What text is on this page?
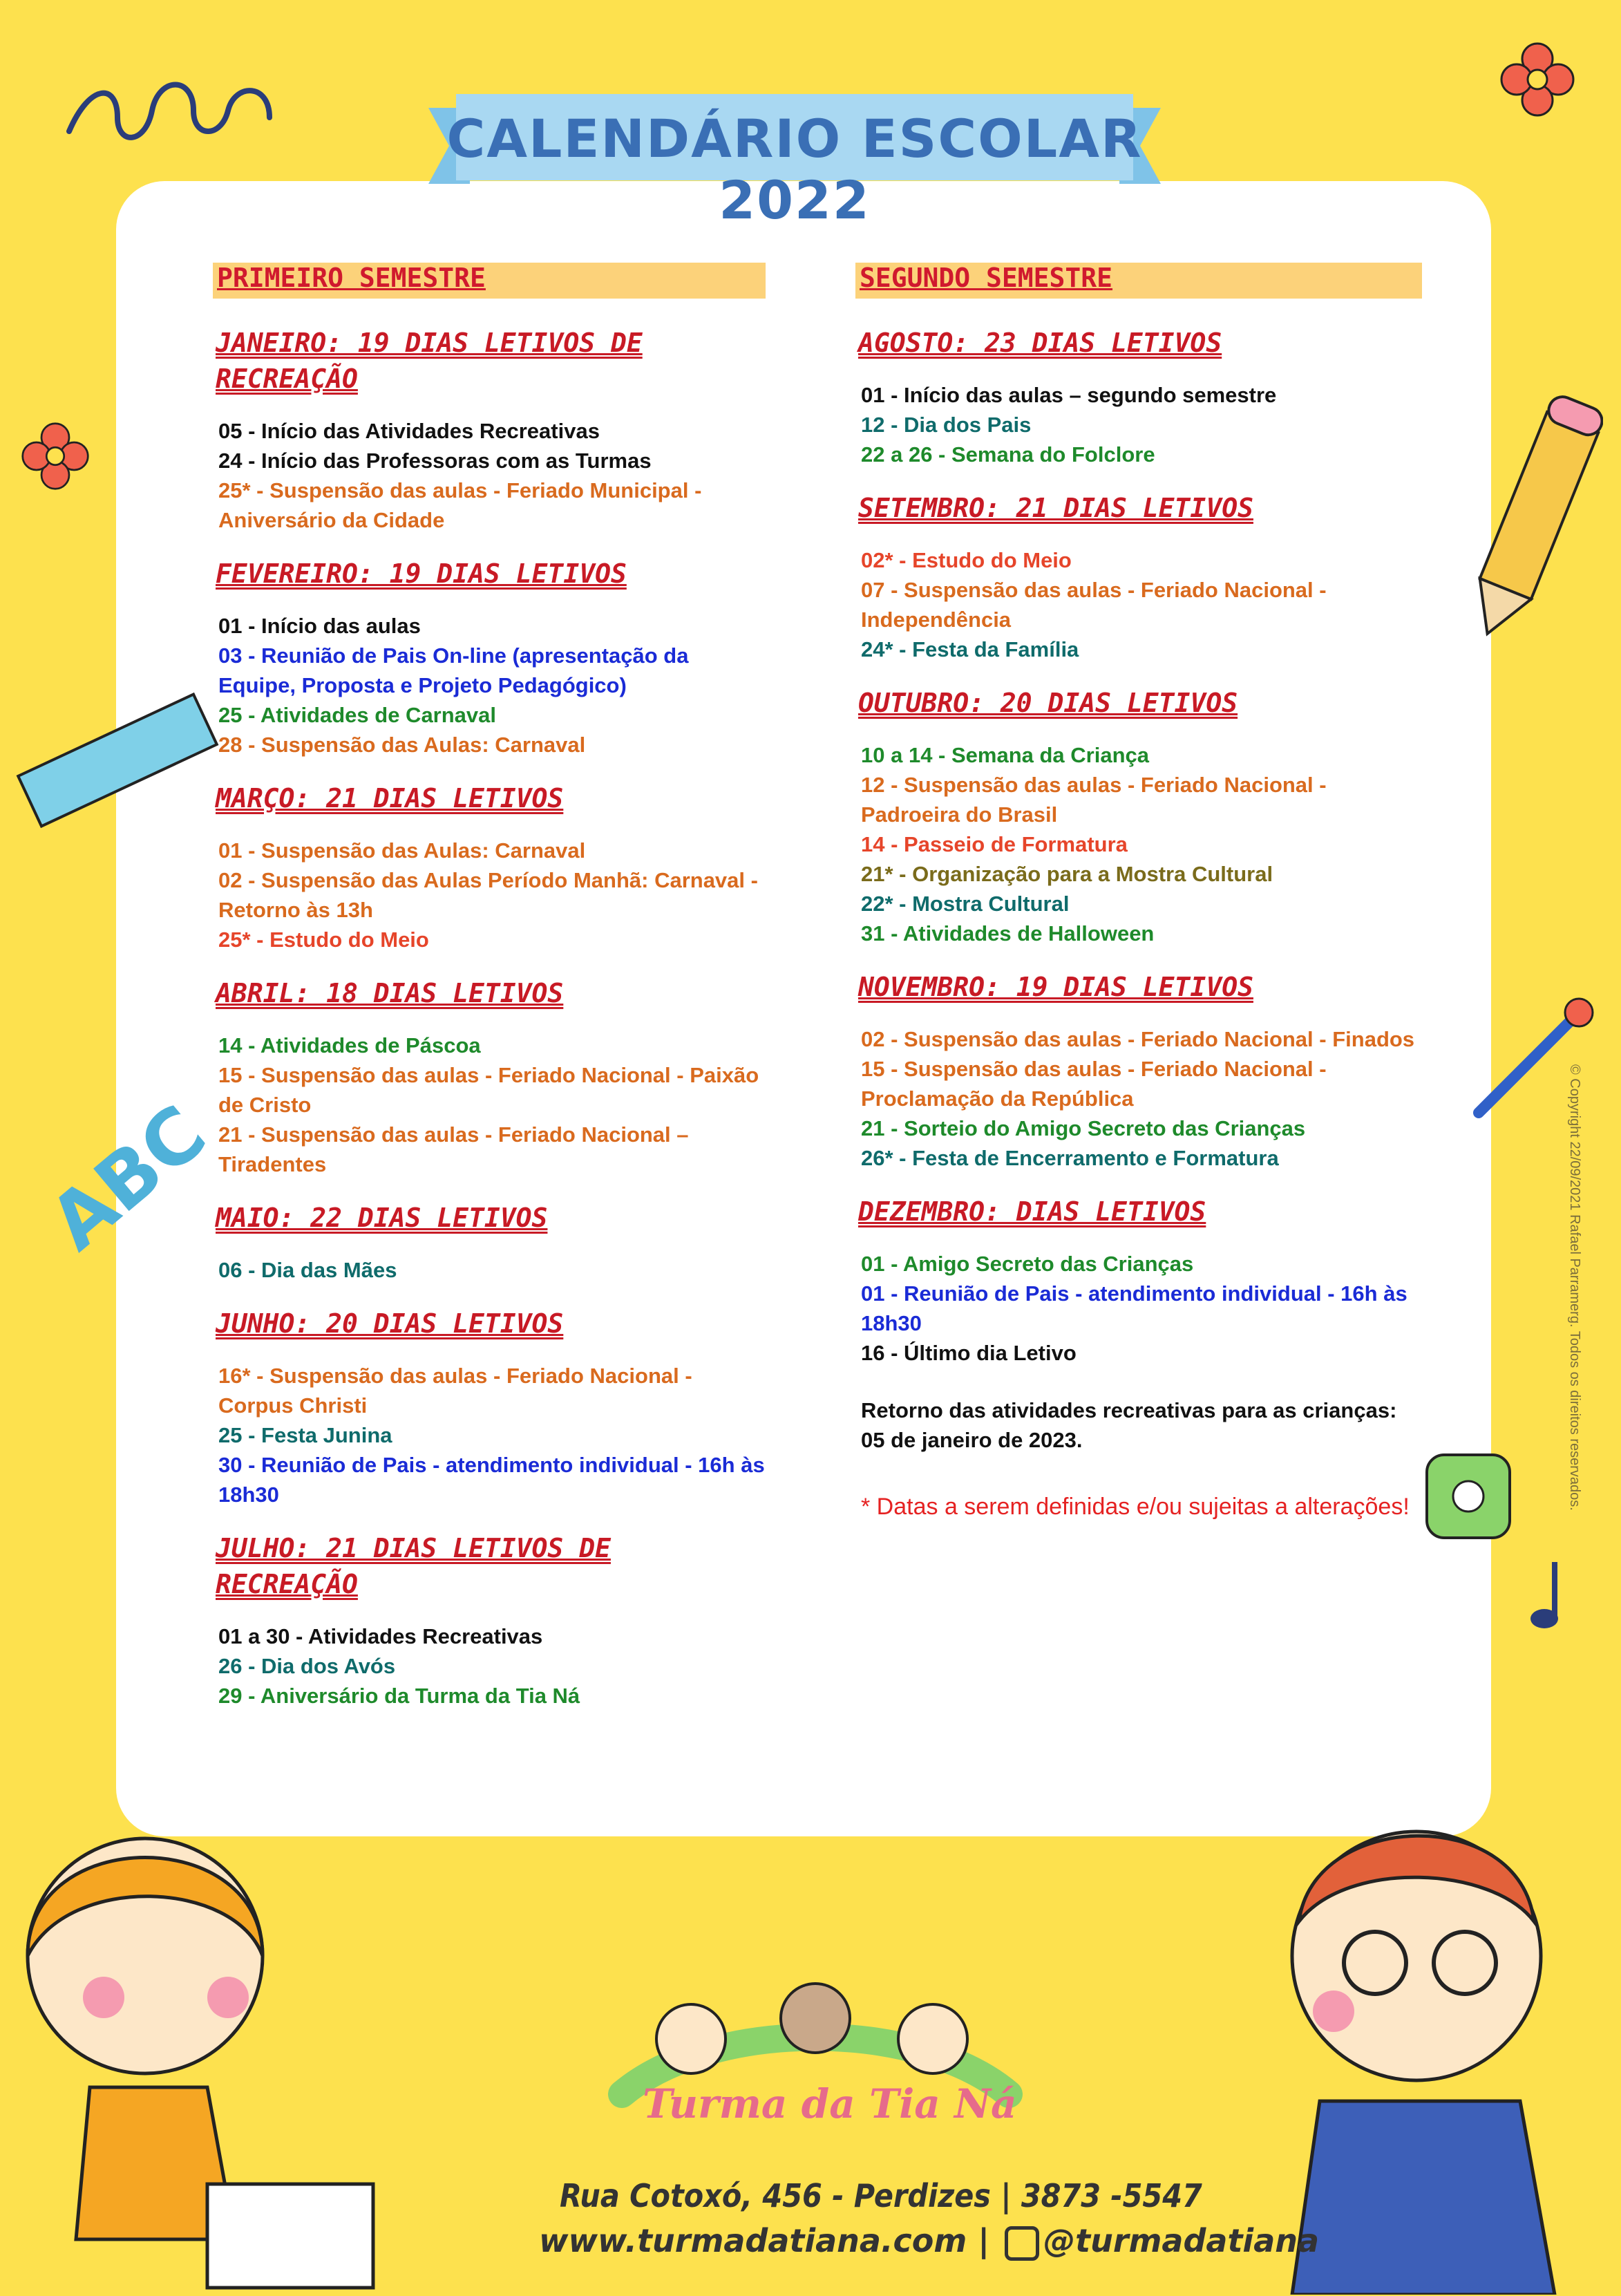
CALENDÁRIO ESCOLAR 2022
ABC
Turma da Tia Ná
PRIMEIRO SEMESTRE
JANEIRO: 19 DIAS LETIVOS DE RECREAÇÃO
05 - Início das Atividades Recreativas
24 - Início das Professoras com as Turmas
25* - Suspensão das aulas - Feriado Municipal - Aniversário da Cidade
FEVEREIRO: 19 DIAS LETIVOS
01 - Início das aulas
03 - Reunião de Pais On-line (apresentação da Equipe, Proposta e Projeto Pedagógico)
25 - Atividades de Carnaval
28 - Suspensão das Aulas: Carnaval
MARÇO: 21 DIAS LETIVOS
01 - Suspensão das Aulas: Carnaval
02 - Suspensão das Aulas Período Manhã: Carnaval - Retorno às 13h
25* - Estudo do Meio
ABRIL: 18 DIAS LETIVOS
14 - Atividades de Páscoa
15 - Suspensão das aulas - Feriado Nacional - Paixão de Cristo
21 - Suspensão das aulas - Feriado Nacional – Tiradentes
MAIO: 22 DIAS LETIVOS
06 - Dia das Mães
JUNHO: 20 DIAS LETIVOS
16* - Suspensão das aulas - Feriado Nacional - Corpus Christi
25 - Festa Junina
30 - Reunião de Pais - atendimento individual - 16h às 18h30
JULHO: 21 DIAS LETIVOS DE RECREAÇÃO
01 a 30 - Atividades Recreativas
26 - Dia dos Avós
29 - Aniversário da Turma da Tia Ná
SEGUNDO SEMESTRE
AGOSTO: 23 DIAS LETIVOS
01 - Início das aulas – segundo semestre
12 - Dia dos Pais
22 a 26 - Semana do Folclore
SETEMBRO: 21 DIAS LETIVOS
02* - Estudo do Meio
07 - Suspensão das aulas - Feriado Nacional - Independência
24* - Festa da Família
OUTUBRO: 20 DIAS LETIVOS
10 a 14 - Semana da Criança
12 - Suspensão das aulas - Feriado Nacional - Padroeira do Brasil
14 - Passeio de Formatura
21* - Organização para a Mostra Cultural
22* - Mostra Cultural
31 - Atividades de Halloween
NOVEMBRO: 19 DIAS LETIVOS
02 - Suspensão das aulas - Feriado Nacional - Finados
15 - Suspensão das aulas - Feriado Nacional - Proclamação da República
21 - Sorteio do Amigo Secreto das Crianças
26* - Festa de Encerramento e Formatura
DEZEMBRO: DIAS LETIVOS
01 - Amigo Secreto das Crianças
01 - Reunião de Pais - atendimento individual - 16h às 18h30
16 - Último dia Letivo
Retorno das atividades recreativas para as crianças: 05 de janeiro de 2023.
* Datas a serem definidas e/ou sujeitas a alterações!	© Copyright 22/09/2021 Rafael Parramerg. Todos os direitos reservados.
Rua Cotoxó, 456 - Perdizes | 3873 -5547
www.turmadatiana.com | @turmadatiana
